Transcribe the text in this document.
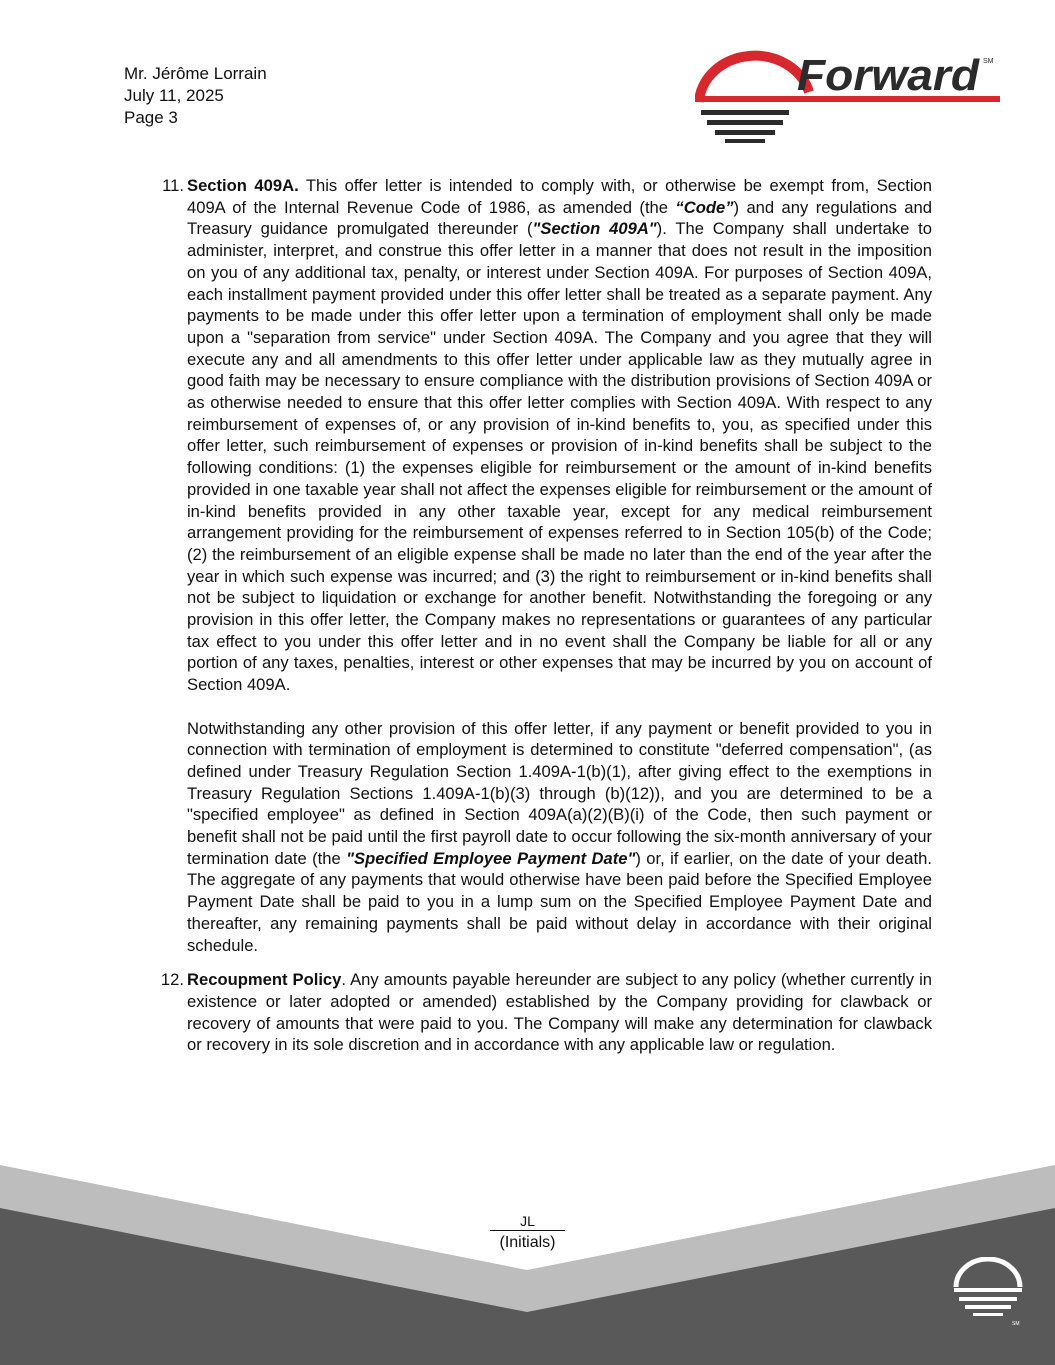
Mr. Jérôme Lorrain
July 11, 2025
Page 3
Forward SM
11. Section 409A. This offer letter is intended to comply with, or otherwise be exempt from, Section 409A of the Internal Revenue Code of 1986, as amended (the “Code”) and any regulations and Treasury guidance promulgated thereunder ("Section 409A"). The Company shall undertake to administer, interpret, and construe this offer letter in a manner that does not result in the imposition on you of any additional tax, penalty, or interest under Section 409A. For purposes of Section 409A, each installment payment provided under this offer letter shall be treated as a separate payment. Any payments to be made under this offer letter upon a termination of employment shall only be made upon a "separation from service" under Section 409A. The Company and you agree that they will execute any and all amendments to this offer letter under applicable law as they mutually agree in good faith may be necessary to ensure compliance with the distribution provisions of Section 409A or as otherwise needed to ensure that this offer letter complies with Section 409A. With respect to any reimbursement of expenses of, or any provision of in-kind benefits to, you, as specified under this offer letter, such reimbursement of expenses or provision of in-kind benefits shall be subject to the following conditions: (1) the expenses eligible for reimbursement or the amount of in-kind benefits provided in one taxable year shall not affect the expenses eligible for reimbursement or the amount of in-kind benefits provided in any other taxable year, except for any medical reimbursement arrangement providing for the reimbursement of expenses referred to in Section 105(b) of the Code; (2) the reimbursement of an eligible expense shall be made no later than the end of the year after the year in which such expense was incurred; and (3) the right to reimbursement or in-kind benefits shall not be subject to liquidation or exchange for another benefit. Notwithstanding the foregoing or any provision in this offer letter, the Company makes no representations or guarantees of any particular tax effect to you under this offer letter and in no event shall the Company be liable for all or any portion of any taxes, penalties, interest or other expenses that may be incurred by you on account of Section 409A.

Notwithstanding any other provision of this offer letter, if any payment or benefit provided to you in connection with termination of employment is determined to constitute "deferred compensation", (as defined under Treasury Regulation Section 1.409A-1(b)(1), after giving effect to the exemptions in Treasury Regulation Sections 1.409A-1(b)(3) through (b)(12)), and you are determined to be a "specified employee" as defined in Section 409A(a)(2)(B)(i) of the Code, then such payment or benefit shall not be paid until the first payroll date to occur following the six-month anniversary of your termination date (the "Specified Employee Payment Date") or, if earlier, on the date of your death. The aggregate of any payments that would otherwise have been paid before the Specified Employee Payment Date shall be paid to you in a lump sum on the Specified Employee Payment Date and thereafter, any remaining payments shall be paid without delay in accordance with their original schedule.

12. Recoupment Policy. Any amounts payable hereunder are subject to any policy (whether currently in existence or later adopted or amended) established by the Company providing for clawback or recovery of amounts that were paid to you. The Company will make any determination for clawback or recovery in its sole discretion and in accordance with any applicable law or regulation.

JL
(Initials)
SM
